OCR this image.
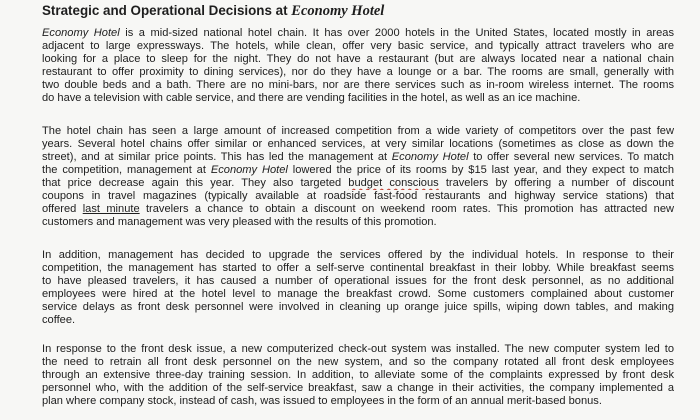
Strategic and Operational Decisions at Economy Hotel
Economy Hotel is a mid-sized national hotel chain. It has over 2000 hotels in the United States, located mostly in areas
adjacent to large expressways. The hotels, while clean, offer very basic service, and typically attract travelers who are
looking for a place to sleep for the night. They do not have a restaurant (but are always located near a national chain
restaurant to offer proximity to dining services), nor do they have a lounge or a bar. The rooms are small, generally with
two double beds and a bath. There are no mini-bars, nor are there services such as in-room wireless internet. The rooms
do have a television with cable service, and there are vending facilities in the hotel, as well as an ice machine.
The hotel chain has seen a large amount of increased competition from a wide variety of competitors over the past few
years. Several hotel chains offer similar or enhanced services, at very similar locations (sometimes as close as down the
street), and at similar price points. This has led the management at Economy Hotel to offer several new services. To match
the competition, management at Economy Hotel lowered the price of its rooms by $15 last year, and they expect to match
that price decrease again this year. They also targeted budget conscious travelers by offering a number of discount
coupons in travel magazines (typically available at roadside fast-food restaurants and highway service stations) that
offered last minute travelers a chance to obtain a discount on weekend room rates. This promotion has attracted new
customers and management was very pleased with the results of this promotion.
In addition, management has decided to upgrade the services offered by the individual hotels. In response to their
competition, the management has started to offer a self-serve continental breakfast in their lobby. While breakfast seems
to have pleased travelers, it has caused a number of operational issues for the front desk personnel, as no additional
employees were hired at the hotel level to manage the breakfast crowd. Some customers complained about customer
service delays as front desk personnel were involved in cleaning up orange juice spills, wiping down tables, and making
coffee.
In response to the front desk issue, a new computerized check-out system was installed. The new computer system led to
the need to retrain all front desk personnel on the new system, and so the company rotated all front desk employees
through an extensive three-day training session. In addition, to alleviate some of the complaints expressed by front desk
personnel who, with the addition of the self-service breakfast, saw a change in their activities, the company implemented a
plan where company stock, instead of cash, was issued to employees in the form of an annual merit-based bonus.
